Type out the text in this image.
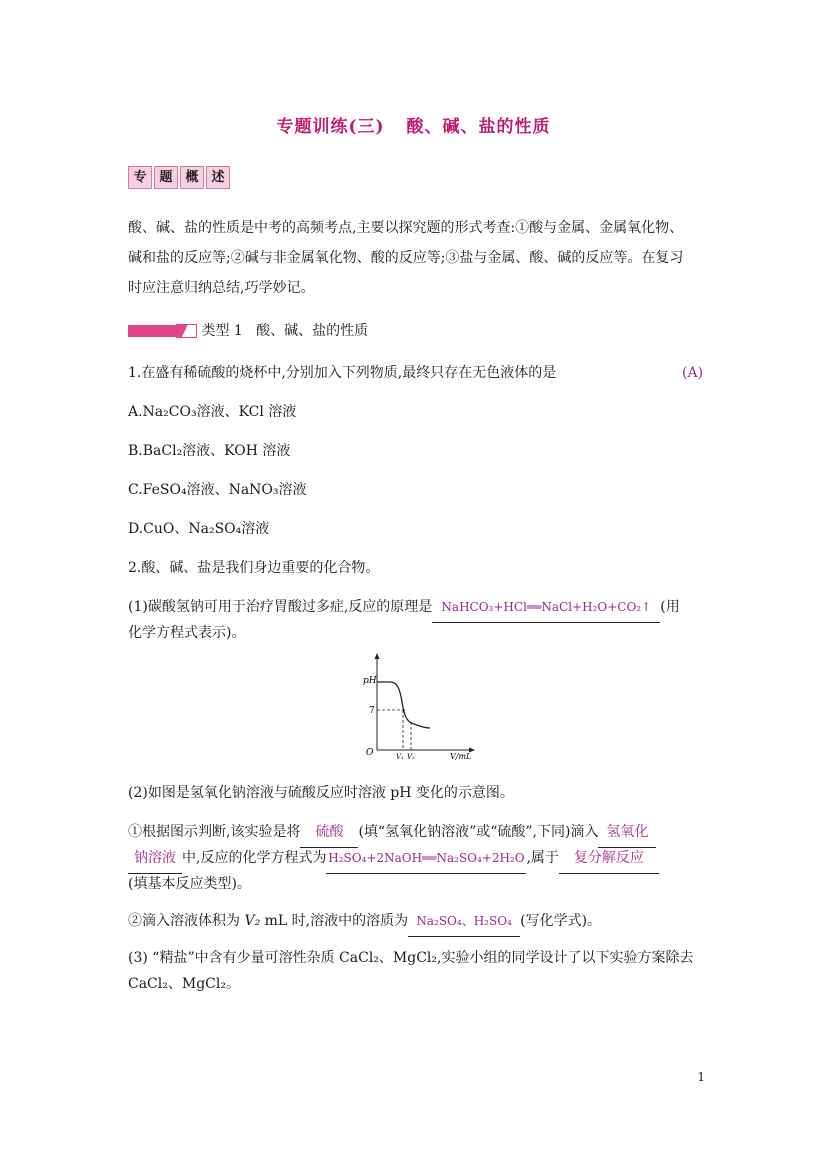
专题训练(三) 酸、碱、盐的性质
专 题 概 述
酸、碱、盐的性质是中考的高频考点,主要以探究题的形式考查:①酸与金属、金属氧化物、
碱和盐的反应等;②碱与非金属氧化物、酸的反应等;③盐与金属、酸、碱的反应等。在复习
时应注意归纳总结,巧学妙记。
类型 1 酸、碱、盐的性质
1.在盛有稀硫酸的烧杯中,分别加入下列物质,最终只存在无色液体的是	(A)
A.Na₂CO₃溶液、KCl 溶液
B.BaCl₂溶液、KOH 溶液
C.FeSO₄溶液、NaNO₃溶液
D.CuO、Na₂SO₄溶液
2.酸、碱、盐是我们身边重要的化合物。
(1)碳酸氢钠可用于治疗胃酸过多症,反应的原理是 NaHCO₃+HCl══NaCl+H₂O+CO₂↑ (用
化学方程式表示)。
pH
7
O	V₁ V₂	V/mL
(2)如图是氢氧化钠溶液与硫酸反应时溶液 pH 变化的示意图。
①根据图示判断,该实验是将 硫酸 (填“氢氧化钠溶液”或“硫酸”,下同)滴入 氢氧化
钠溶液 中,反应的化学方程式为 H₂SO₄+2NaOH══Na₂SO₄+2H₂O ,属于 复分解反应
(填基本反应类型)。
②滴入溶液体积为 V₂ mL 时,溶液中的溶质为 Na₂SO₄、H₂SO₄ (写化学式)。
(3) “精盐”中含有少量可溶性杂质 CaCl₂、MgCl₂,实验小组的同学设计了以下实验方案除去
CaCl₂、MgCl₂。
1
